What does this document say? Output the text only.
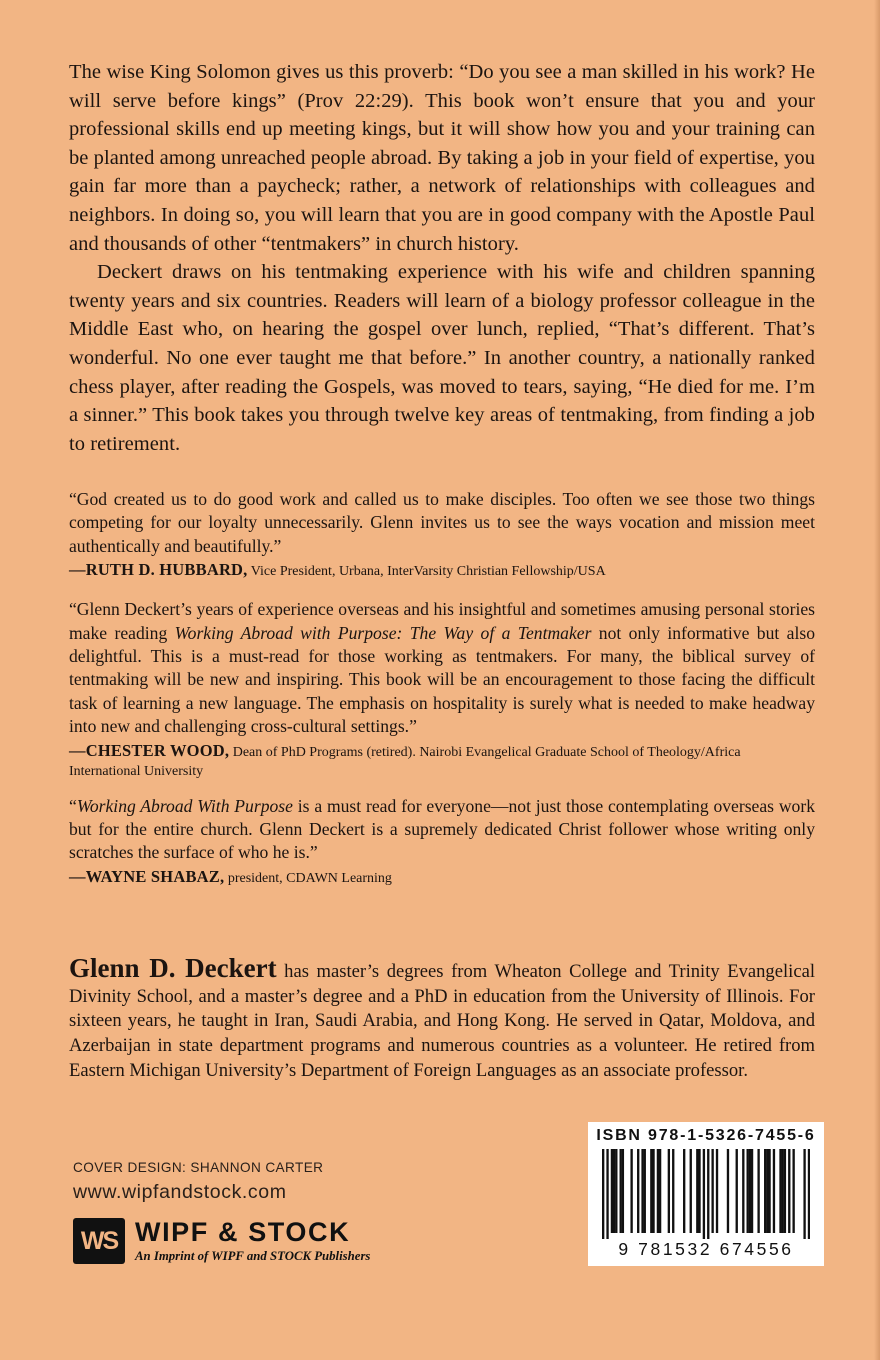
The wise King Solomon gives us this proverb: “Do you see a man skilled in his work? He will serve before kings” (Prov 22:29). This book won’t ensure that you and your professional skills end up meeting kings, but it will show how you and your training can be planted among unreached people abroad. By taking a job in your field of expertise, you gain far more than a paycheck; rather, a network of relationships with colleagues and neighbors. In doing so, you will learn that you are in good company with the Apostle Paul and thousands of other “tentmakers” in church history.

Deckert draws on his tentmaking experience with his wife and children spanning twenty years and six countries. Readers will learn of a biology professor colleague in the Middle East who, on hearing the gospel over lunch, replied, “That’s different. That’s wonderful. No one ever taught me that before.” In another country, a nationally ranked chess player, after reading the Gospels, was moved to tears, saying, “He died for me. I’m a sinner.” This book takes you through twelve key areas of tentmaking, from finding a job to retirement.

“God created us to do good work and called us to make disciples. Too often we see those two things competing for our loyalty unnecessarily. Glenn invites us to see the ways vocation and mission meet authentically and beautifully.”

—RUTH D. HUBBARD, Vice President, Urbana, InterVarsity Christian Fellowship/USA

“Glenn Deckert’s years of experience overseas and his insightful and sometimes amusing personal stories make reading Working Abroad with Purpose: The Way of a Tentmaker not only informative but also delightful. This is a must-read for those working as tentmakers. For many, the biblical survey of tentmaking will be new and inspiring. This book will be an encouragement to those facing the difficult task of learning a new language. The emphasis on hospitality is surely what is needed to make headway into new and challenging cross-cultural settings.”

—CHESTER WOOD, Dean of PhD Programs (retired). Nairobi Evangelical Graduate School of Theology/Africa International University

“Working Abroad With Purpose is a must read for everyone—not just those contemplating overseas work but for the entire church. Glenn Deckert is a supremely dedicated Christ follower whose writing only scratches the surface of who he is.”

—WAYNE SHABAZ, president, CDAWN Learning

Glenn D. Deckert has master’s degrees from Wheaton College and Trinity Evangelical Divinity School, and a master’s degree and a PhD in education from the University of Illinois. For sixteen years, he taught in Iran, Saudi Arabia, and Hong Kong. He served in Qatar, Moldova, and Azerbaijan in state department programs and numerous countries as a volunteer. He retired from Eastern Michigan University’s Department of Foreign Languages as an associate professor.
COVER DESIGN: SHANNON CARTER
www.wipfandstock.com
WS WIPF & STOCK
An Imprint of WIPF and STOCK Publishers
ISBN 978-1-5326-7455-6
9 781532 674556
